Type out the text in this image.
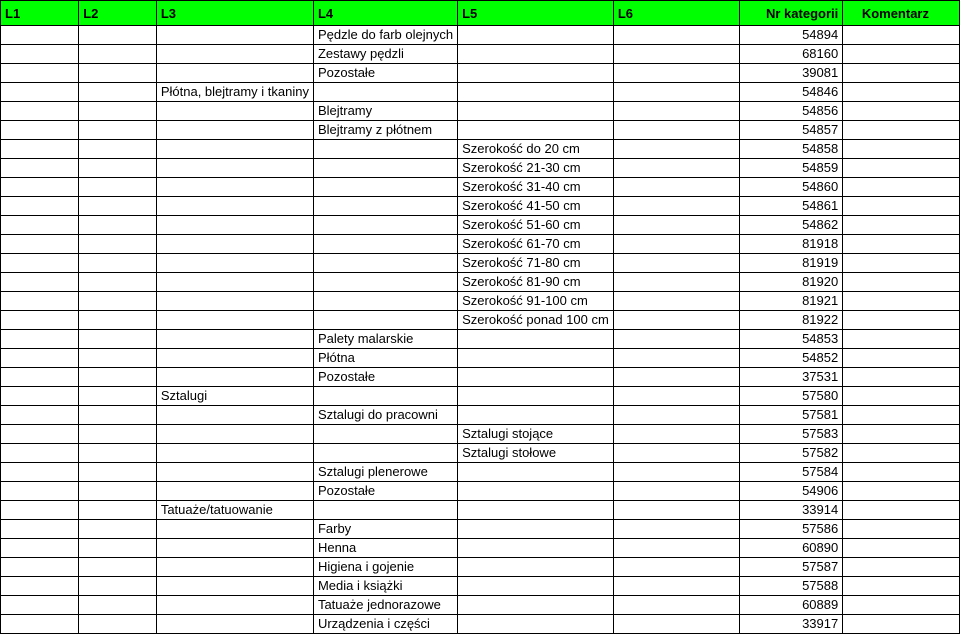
L1	L2	L3	L4	L5	L6	Nr kategorii	Komentarz
			Pędzle do farb olejnych			54894	
			Zestawy pędzli			68160	
			Pozostałe			39081	
		Płótna, blejtramy i tkaniny				54846	
			Blejtramy			54856	
			Blejtramy z płótnem			54857	
				Szerokość do 20 cm		54858	
				Szerokość 21-30 cm		54859	
				Szerokość 31-40 cm		54860	
				Szerokość 41-50 cm		54861	
				Szerokość 51-60 cm		54862	
				Szerokość 61-70 cm		81918	
				Szerokość 71-80 cm		81919	
				Szerokość 81-90 cm		81920	
				Szerokość 91-100 cm		81921	
				Szerokość ponad 100 cm		81922	
			Palety malarskie			54853	
			Płótna			54852	
			Pozostałe			37531	
		Sztalugi				57580	
			Sztalugi do pracowni			57581	
				Sztalugi stojące		57583	
				Sztalugi stołowe		57582	
			Sztalugi plenerowe			57584	
			Pozostałe			54906	
		Tatuaże/tatuowanie				33914	
			Farby			57586	
			Henna			60890	
			Higiena i gojenie			57587	
			Media i książki			57588	
			Tatuaże jednorazowe			60889	
			Urządzenia i części			33917	
